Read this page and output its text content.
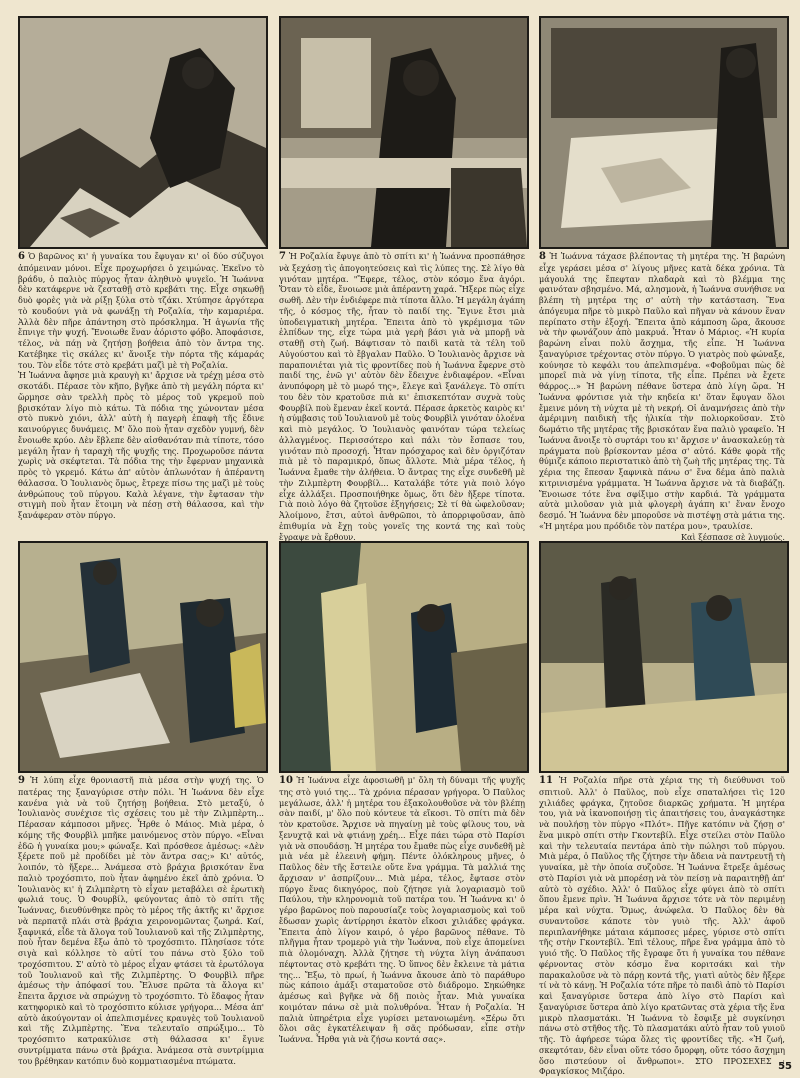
6 Ὁ βαρῶνος κι' ἡ γυναίκα του ἔφυγαν κι' οἱ δύο σύζυγοι ἀπόμειναν μόνοι. Εἶχε προχωρήσει ὁ χειμώνας. Ἐκεῖνο τὸ βράδυ, ὁ παλιὸς πύργος ἦταν ἀληθινὸ ψυγεῖο. Ἡ Ἰωάννα δὲν κατάφερνε νὰ ζεσταθῇ στὸ κρεβάτι της. Εἶχε σηκωθῇ δυὸ φορὲς γιὰ νὰ ρίξῃ ξύλα στὸ τζάκι. Χτύπησε ἀργότερα τὸ κουδούνι γιὰ νὰ φωνάξῃ τὴ Ροζαλία, τὴν καμαριέρα. Ἀλλὰ δὲν πῆρε ἀπάντηση στὸ πρόσκλημα. Ἡ ἀγωνία τῆς ἔπνιγε τὴν ψυχή. Ἔνοιωθε ἕναν ἀόριστο φόβο. Ἀποφάσισε, τέλος, νὰ πάῃ νὰ ζητήσῃ βοήθεια ἀπὸ τὸν ἄντρα της. Κατέβηκε τὶς σκάλες κι' ἄνοιξε τὴν πόρτα τῆς κάμαράς του. Τὸν εἶδε τότε στὸ κρεβάτι μαζὶ μὲ τὴ Ροζαλία.

Ἡ Ἰωάννα ἄφησε μιὰ κραυγὴ κι' ἄρχισε νὰ τρέχῃ μέσα στὸ σκοτάδι. Πέρασε τὸν κῆπο, βγῆκε ἀπὸ τὴ μεγάλη πόρτα κι' ὥρμησε σὰν τρελλὴ πρὸς τὸ μέρος τοῦ γκρεμοῦ ποὺ βρισκόταν λίγο πιὸ κάτω. Τὰ πόδια της χώνονταν μέσα στὸ πυκνὸ χιόνι, ἀλλ' αὐτὴ ἡ παγερὴ ἐπαφὴ τῆς ἔδινε καινούργιες δυνάμεις. Μ' ὅλο ποὺ ἦταν σχεδὸν γυμνή, δὲν ἔνοιωθε κρύο. Δὲν ἔβλεπε δὲν αἰσθανόταν πιὰ τίποτε, τόσο μεγάλη ἦταν ἡ ταραχὴ τῆς ψυχῆς της. Προχωροῦσε πάντα χωρὶς νὰ σκέφτεται. Τὰ πόδια της τὴν ἔφερναν μηχανικὰ πρὸς τὸ γκρεμό. Κάτω ἀπ' αὐτὸν ἁπλωνόταν ἡ ἀπέραντη θάλασσα. Ὁ Ἰουλιανὸς ὅμως, ἔτρεχε πίσω της μαζὶ μὲ τοὺς ἀνθρώπους τοῦ πύργου. Καλὰ λέγανε, τὴν ἔφτασαν τὴν στιγμὴ ποὺ ἦταν ἕτοιμη νὰ πέσῃ στὴ θάλασσα, καὶ τὴν ξανάφεραν στὸν πύργο.

7 Ἡ Ροζαλία ἔφυγε ἀπὸ τὸ σπίτι κι' ἡ Ἰωάννα προσπάθησε νὰ ξεχάσῃ τὶς ἀπογοητεύσεις καὶ τὶς λύπες της. Σὲ λίγο θὰ γινόταν μητέρα. "Ἔφερε, τέλος, στὸν κόσμο ἕνα ἀγόρι. Ὅταν τὸ εἶδε, ἔνοιωσε μιὰ ἀπέραντη χαρά. Ἤξερε πὼς εἶχε σωθῆ. Δὲν τὴν ἐνδιέφερε πιὰ τίποτα ἄλλο. Ἡ μεγάλη ἀγάπη τῆς, ὁ κόσμος τῆς, ἦταν τὸ παιδί της. Ἔγινε ἔτσι μιὰ ὑποδειγματικὴ μητέρα. Ἔπειτα ἀπὸ τὸ γκρέμισμα τῶν ἐλπίδων της, εἶχε τώρα μιὰ γερὴ βάσι γιὰ νὰ μπορῇ νὰ σταθῇ στὴ ζωή. Βάφτισαν τὸ παιδὶ κατὰ τὰ τέλη τοῦ Αὐγούστου καὶ τὸ ἔβγαλαν Παῦλο. Ὁ Ἰουλιανὸς ἄρχισε νὰ παραπονιέται γιὰ τὶς φροντίδες ποὺ ἡ Ἰωάννα ἔφερνε στὸ παιδί της, ἐνῶ γι' αὐτὸν δὲν ἔδειχνε ἐνδιαφέρον. «Εἶναι ἀνυπόφορη μὲ τὸ μωρό της», ἔλεγε καὶ ξανάλεγε. Τὸ σπίτι του δὲν τὸν κρατοῦσε πιὰ κι' ἐπισκεπτόταν συχνὰ τοὺς Φουρβίλ ποὺ ἔμεναν ἐκεῖ κοντά. Πέρασε ἀρκετὸς καιρὸς κι' ἡ σύμβασις τοῦ Ἰουλιανοῦ μὲ τοὺς Φουρβὶλ γινόταν ὁλοένα καὶ πιὸ μεγάλος. Ὁ Ἰουλιανὸς φαινόταν τώρα τελείως ἀλλαγμένος. Περισσότερο καὶ πάλι τὸν ἔσπασε του, γινόταν πιὸ προσοχή. Ἦταν πρόσχαρος καὶ δὲν ὀργιζόταν πιὰ μὲ τὸ παραμικρό, ὅπως ἄλλοτε. Μιὰ μέρα τέλος, ἡ Ἰωάννα ἔμαθε τὴν ἀλήθεια. Ὁ ἄντρας της εἶχε συνδεθῆ μὲ τὴν Ζιλμπὲρτη Φουρβίλ... Καταλάβε τότε γιὰ ποιὸ λόγο εἶχε ἀλλάξει. Προσποιήθηκε ὅμως, ὅτι δὲν ἤξερε τίποτα. Γιὰ ποιὸ λόγο θὰ ζητοῦσε ἐξηγήσεις; Σὲ τί θὰ ὠφελοῦσαν; Ἀλοίμονο, ἔτσι, αὐτοὶ ἀνθρῶποι, τὸ ἀπορριφοῦσαν, ἀπὸ ἐπιθυμία νὰ ἔχῃ τοὺς γονεῖς της κοντά της καὶ τοὺς ἔγραψε νὰ ἔρθουν.

8 Ἡ Ἰωάννα τάχασε βλέποντας τὴ μητέρα της. Ἡ βαρώνη εἶχε γεράσει μέσα σ' λίγους μῆνες κατὰ δέκα χρόνια. Τὰ μάγουλά της ἔπεφταν πλαδαρὰ καὶ τὸ βλέμμα της φαινόταν σβησμένο. Μά, αλησμονὰ, ἡ Ἰωάννα συνήθισε να βλέπη τὴ μητέρα της σ' αὐτὴ τὴν κατάσταση. Ἕνα ἀπόγευμα πῆρε τὸ μικρὸ Παῦλο καὶ πῆγαν νὰ κάνουν ἕναν περίπατο στὴν ἐξοχή. Ἔπειτα ἀπὸ κάμποση ὥρα, ἄκουσε νὰ τὴν φωνάζουν ἀπὸ μακρυά. Ἦταν ὁ Μάριος. «Ἡ κυρία βαρώνη εἶναι πολὺ ἄσχημα, τῆς εἶπε. Ἡ Ἰωάννα ξαναγύρισε τρέχοντας στὸν πύργο. Ὁ γιατρὸς ποὺ φώναξε, κούνησε τὸ κεφάλι του ἀπελπισμένα. «Φοβοῦμαι πὼς δὲ μπορεῖ πιὰ νὰ γίνῃ τίποτα, τῆς εἶπε. Πρέπει νὰ ἔχετε θάρρος...» Ἡ βαρώνη πέθανε ὕστερα ἀπὸ λίγη ὥρα. Ἡ Ἰωάννα φρόντισε γιὰ τὴν κηδεία κι' ὅταν ἔφυγαν ὅλοι ἔμεινε μόνη τὴ νύχτα μὲ τὴ νεκρή. Οἱ ἀναμνήσεις ἀπὸ τὴν ἀμέριμνη παιδικὴ τῆς ἡλικία τὴν πολιορκοῦσαν. Στὸ δωμάτιο τῆς μητέρας τῆς βρισκόταν ἕνα παλιὸ γραφεῖο. Ἡ Ἰωάννα ἄνοιξε τὸ συρτάρι του κι' ἄρχισε ν' ἀνασκαλεύῃ τὰ πράγματα ποὺ βρίσκονταν μέσα σ' αὐτό. Κάθε φορὰ τῆς θύμιζε κάποιο περιστατικὸ ἀπὸ τὴ ζωὴ τῆς μητέρας της. Τὰ χέρια της ἔπεσαν ξαφνικὰ πάνω σ' ἕνα δέμα ἀπὸ παλιὰ κιτρινισμένα γράμματα. Ἡ Ἰωάννα ἄρχισε νὰ τὰ διαβάζῃ. Ἔνοιωσε τότε ἕνα σφίξιμο στὴν καρδιά. Τὰ γράμματα αὐτὰ μιλοῦσαν γιὰ μιὰ φλογερὴ ἀγάπη κι' ἕναν ἔνοχο δεσμό. Ἡ Ἰωάννα δὲν μποροῦσε νὰ πιστέψῃ στὰ μάτια της. «Ἡ μητέρα μου πρόδιδε τὸν πατέρα μου», τραυλίσε.

Καὶ ξέσπασε σὲ λυγμούς.

9 Ἡ λύπη εἶχε θρονιαστῆ πιὰ μέσα στὴν ψυχή της. Ὁ πατέρας της ξαναγύρισε στὴν πόλι. Ἡ Ἰωάννα δὲν εἶχε κανένα γιὰ νὰ τοῦ ζητήσῃ βοήθεια. Στὸ μεταξύ, ὁ Ἰουλιανὸς συνέχισε τὶς σχέσεις του μὲ τὴν Ζιλμπὲρτη... Πέρασαν κάμποσοι μῆνες. Ἦρθε ὁ Μάιος. Μιὰ μέρα, ὁ κόμης τῆς Φουρβὶλ μπῆκε μαινόμενος στὸν πύργο. «Εἶναι ἐδῶ ἡ γυναίκα μου;» φώναξε. Καὶ πρόσθεσε ἀμέσως: «Δὲν ξέρετε ποῦ μὲ προδίδει μὲ τὸν ἄντρα σας;» Κι' αὐτός, λοιπόν, τὸ ἤξερε... Ἀνάμεσα στὸ βράχια βρισκόταν ἕνα παλιὸ τροχόσπιτο, ποὺ ἦταν ἀφημένο ἐκεῖ ἀπὸ χρόνια. Ὁ Ἰουλιανὸς κι' ἡ Ζιλμπὲρτη τὸ εἶχαν μεταβάλει σὲ ἐρωτικὴ φωλιά τους. Ὁ Φουρβίλ, φεύγοντας ἀπὸ τὸ σπίτι τῆς Ἰωάννας, διευθύνθηκε πρὸς τὸ μέρος τῆς ἀκτῆς κι' ἄρχισε νὰ περπατᾷ πλάι στὰ βράχια χειρονομῶντας ζωηρά. Καί, ξαφνικά, εἶδε τὰ ἄλογα τοῦ Ἰουλιανοῦ καὶ τῆς Ζιλμπὲρτης, ποὺ ἦταν δεμένα ἔξω ἀπὸ τὸ τροχόσπιτο. Πλησίασε τότε σιγὰ καὶ κόλλησε τὸ αὐτί του πάνω στὸ ξύλο τοῦ τροχόσπιτου. Σ' αὐτὸ τὸ μέρος εἶχαν φτάσει τὰ ἐρωτόλογα τοῦ Ἰουλιανοῦ καὶ τῆς Ζιλμπὲρτης. Ὁ Φουρβὶλ πῆρε ἀμέσως τὴν ἀπόφασί του. Ἔλυσε πρῶτα τὰ ἄλογα κι' ἔπειτα ἄρχισε νὰ σπρώχνῃ τὸ τροχόσπιτο. Τὸ ἔδαφος ἦταν κατηφορικὸ καὶ τὸ τροχόσπιτο κύλισε γρήγορα... Μέσα ἀπ' αὐτὸ ἀκούγονταν οἱ ἀπελπισμένες κραυγὲς τοῦ Ἰουλιανοῦ καὶ τῆς Ζιλμπὲρτης. Ἕνα τελευταῖο σπρώξιμο... Τὸ τροχόσπιτο κατρακύλισε στὴ θάλασσα κι' ἔγινε συντρίμματα πάνω στὰ βράχια. Ἀνάμεσα στὰ συντρίμμια του βρέθηκαν κατόπιν δυὸ κομματιασμένα πτώματα.

10 Ἡ Ἰωάννα εἶχε ἀφοσιωθῆ μ' ὅλη τὴ δύναμι τῆς ψυχῆς της στὸ γυιό της... Τὰ χρόνια πέρασαν γρήγορα. Ὁ Παῦλος μεγάλωσε, ἀλλ' ἡ μητέρα του ἐξακολουθοῦσε νὰ τὸν βλέπῃ σὰν παιδί, μ' ὅλο ποὺ κόντευε τὰ εἴκοσι. Τὸ σπίτι πιὰ δὲν τὸν κρατοῦσε. Ἄρχισε νὰ πηγαίνῃ μὲ τοὺς φίλους του, νὰ ξενυχτᾷ καὶ νὰ φτιάνῃ χρέη... Εἶχε πάει τώρα στὸ Παρίσι γιὰ νὰ σπουδάσῃ. Ἡ μητέρα του ἔμαθε πὼς εἶχε συνδεθῆ μὲ μιὰ νέα μὲ ἐλεεινὴ φήμη. Πέντε ὁλόκληρους μῆνες, ὁ Παῦλος δὲν τῆς ἔστειλε οὔτε ἕνα γράμμα. Τὰ μαλλιά της ἄρχισαν ν' ἀσπρίζουν... Μιὰ μέρα, τέλος, ἔφτασε στὸν πύργο ἕνας δικηγόρος, ποὺ ζήτησε γιὰ λογαριασμὸ τοῦ Παύλου, τὴν κληρονομιὰ τοῦ πατέρα του. Ἡ Ἰωάννα κι' ὁ γέρο βαρῶνος ποὺ παρουσίαζε τοὺς λογαριασμοὺς καὶ τοῦ ἔδωσαν χωρὶς ἀντίρρησι ἑκατὸν εἴκοσι χιλιάδες φράγκα. Ἔπειτα ἀπὸ λίγον καιρό, ὁ γέρο βαρῶνος πέθανε. Τὸ πλῆγμα ἦταν τρομερὸ γιὰ τὴν Ἰωάννα, ποὺ εἶχε ἀπομείνει πιὰ ὁλομόναχη. Ἀλλὰ ζήτησε τὴ νύχτα λίγη ἀνάπαυσι πέφτοντας στὸ κρεβάτι της. Ὁ ὕπνος δὲν ἔκλεινε τὰ μάτια της... Ἔξω, τὸ πρωί, ἡ Ἰωάννα ἄκουσε ἀπὸ τὸ παράθυρο πὼς κάποιο ἁμάξι σταματοῦσε στὸ διάδρομο. Σηκώθηκε ἀμέσως καὶ βγῆκε νὰ δῇ ποιὸς ἦταν. Μιὰ γυναίκα κοιμόταν πάνω σὲ μιὰ πολυθρόνα. Ἦταν ἡ Ροζαλία. Ἡ παλιὰ ὑπηρέτρια εἶχε γυρίσει μετανοιωμένη. «Ξέρω ὅτι ὅλοι σᾶς ἐγκατέλειψαν ἢ σᾶς πρόδωσαν, εἶπε στὴν Ἰωάννα. Ἦρθα γιὰ νὰ ζήσω κοντά σας».

11 Ἡ Ροζαλία πῆρε στὰ χέρια της τὴ διεύθυνσι τοῦ σπιτιοῦ. Ἀλλ' ὁ Παῦλος, ποὺ εἶχε σπαταλήσει τὶς 120 χιλιάδες φράγκα, ζητοῦσε διαρκῶς χρήματα. Ἡ μητέρα του, γιὰ νὰ ἱκανοποιήσῃ τὶς ἀπαιτήσεις του, ἀναγκάστηκε νὰ πουλήσῃ τὸν πύργο «Πλότ». Πῆγε κατόπιν νὰ ζήσῃ σ' ἕνα μικρὸ σπίτι στὴν Γκοντεβίλ. Εἶχε στείλει στὸν Παῦλο καὶ τὴν τελευταία πεντάρα ἀπὸ τὴν πώλησι τοῦ πύργου. Μιὰ μέρα, ὁ Παῦλος τῆς ζήτησε τὴν ἄδεια νὰ παντρευτῇ τὴ γυναίκα, μὲ τὴν ὁποία συζοῦσε. Ἡ Ἰωάννα ἔτρεξε ἀμέσως στὸ Παρίσι γιὰ νὰ μπορέσῃ νὰ τὸν πείσῃ νὰ παραιτηθῇ ἀπ' αὐτὸ τὸ σχέδιο. Ἀλλ' ὁ Παῦλος εἶχε φύγει ἀπὸ τὸ σπίτι ὅπου ἔμενε πρὶν. Ἡ Ἰωάννα ἄρχισε τότε νὰ τὸν περιμένῃ μέρα καὶ νύχτα. Ὅμως, ἀνώφελα. Ὁ Παῦλος δὲν θὰ συναντοῦσε κάποτε τὸν γυιὸ τῆς. Ἀλλ' ἀφοῦ περιπλανήθηκε μάταια κάμποσες μέρες, γύρισε στὸ σπίτι τῆς στὴν Γκοντεβίλ. Ἐπὶ τέλους, πῆρε ἕνα γράμμα ἀπὸ τὸ γυιό τῆς. Ὁ Παῦλος τῆς ἔγραφε ὅτι ἡ γυναίκα του πέθανε φέρνοντας στὸν κόσμο ἕνα κοριτσάκι καὶ τὴν παρακαλοῦσε νὰ τὸ πάρῃ κοντά τῆς, γιατὶ αὐτὸς δὲν ἤξερε τί νὰ τὸ κάνῃ. Ἡ Ροζαλία τότε πῆρε τὸ παιδὶ ἀπὸ τὸ Παρίσι καὶ ξαναγύρισε ὕστερα ἀπὸ λίγο στὸ Παρίσι καὶ ξαναγύρισε ὕστερα ἀπὸ λίγο κρατῶντας στὰ χέρια τῆς ἕνα μικρὸ πλασματάκι. Ἡ Ἰωάννα τὸ ἔσφιξε μὲ συγκίνησι πάνω στὸ στῆθος τῆς. Τὸ πλασματάκι αὐτὸ ἦταν τοῦ γυιοῦ τῆς. Τὸ ἀφήρεσε τώρα ὅλες τὶς φροντίδες τῆς. «Ἡ ζωή, σκεφτόταν, δὲν εἶναι οὔτε τόσο ὄμορφη, οὔτε τόσο ἄσχημη ὅσο πιστεύουν οἱ ἄνθρωποι». ΣΤΟ ΠΡΟΣΕΧΕΣ : Φραγκίσκος Μιζάρο.	55
